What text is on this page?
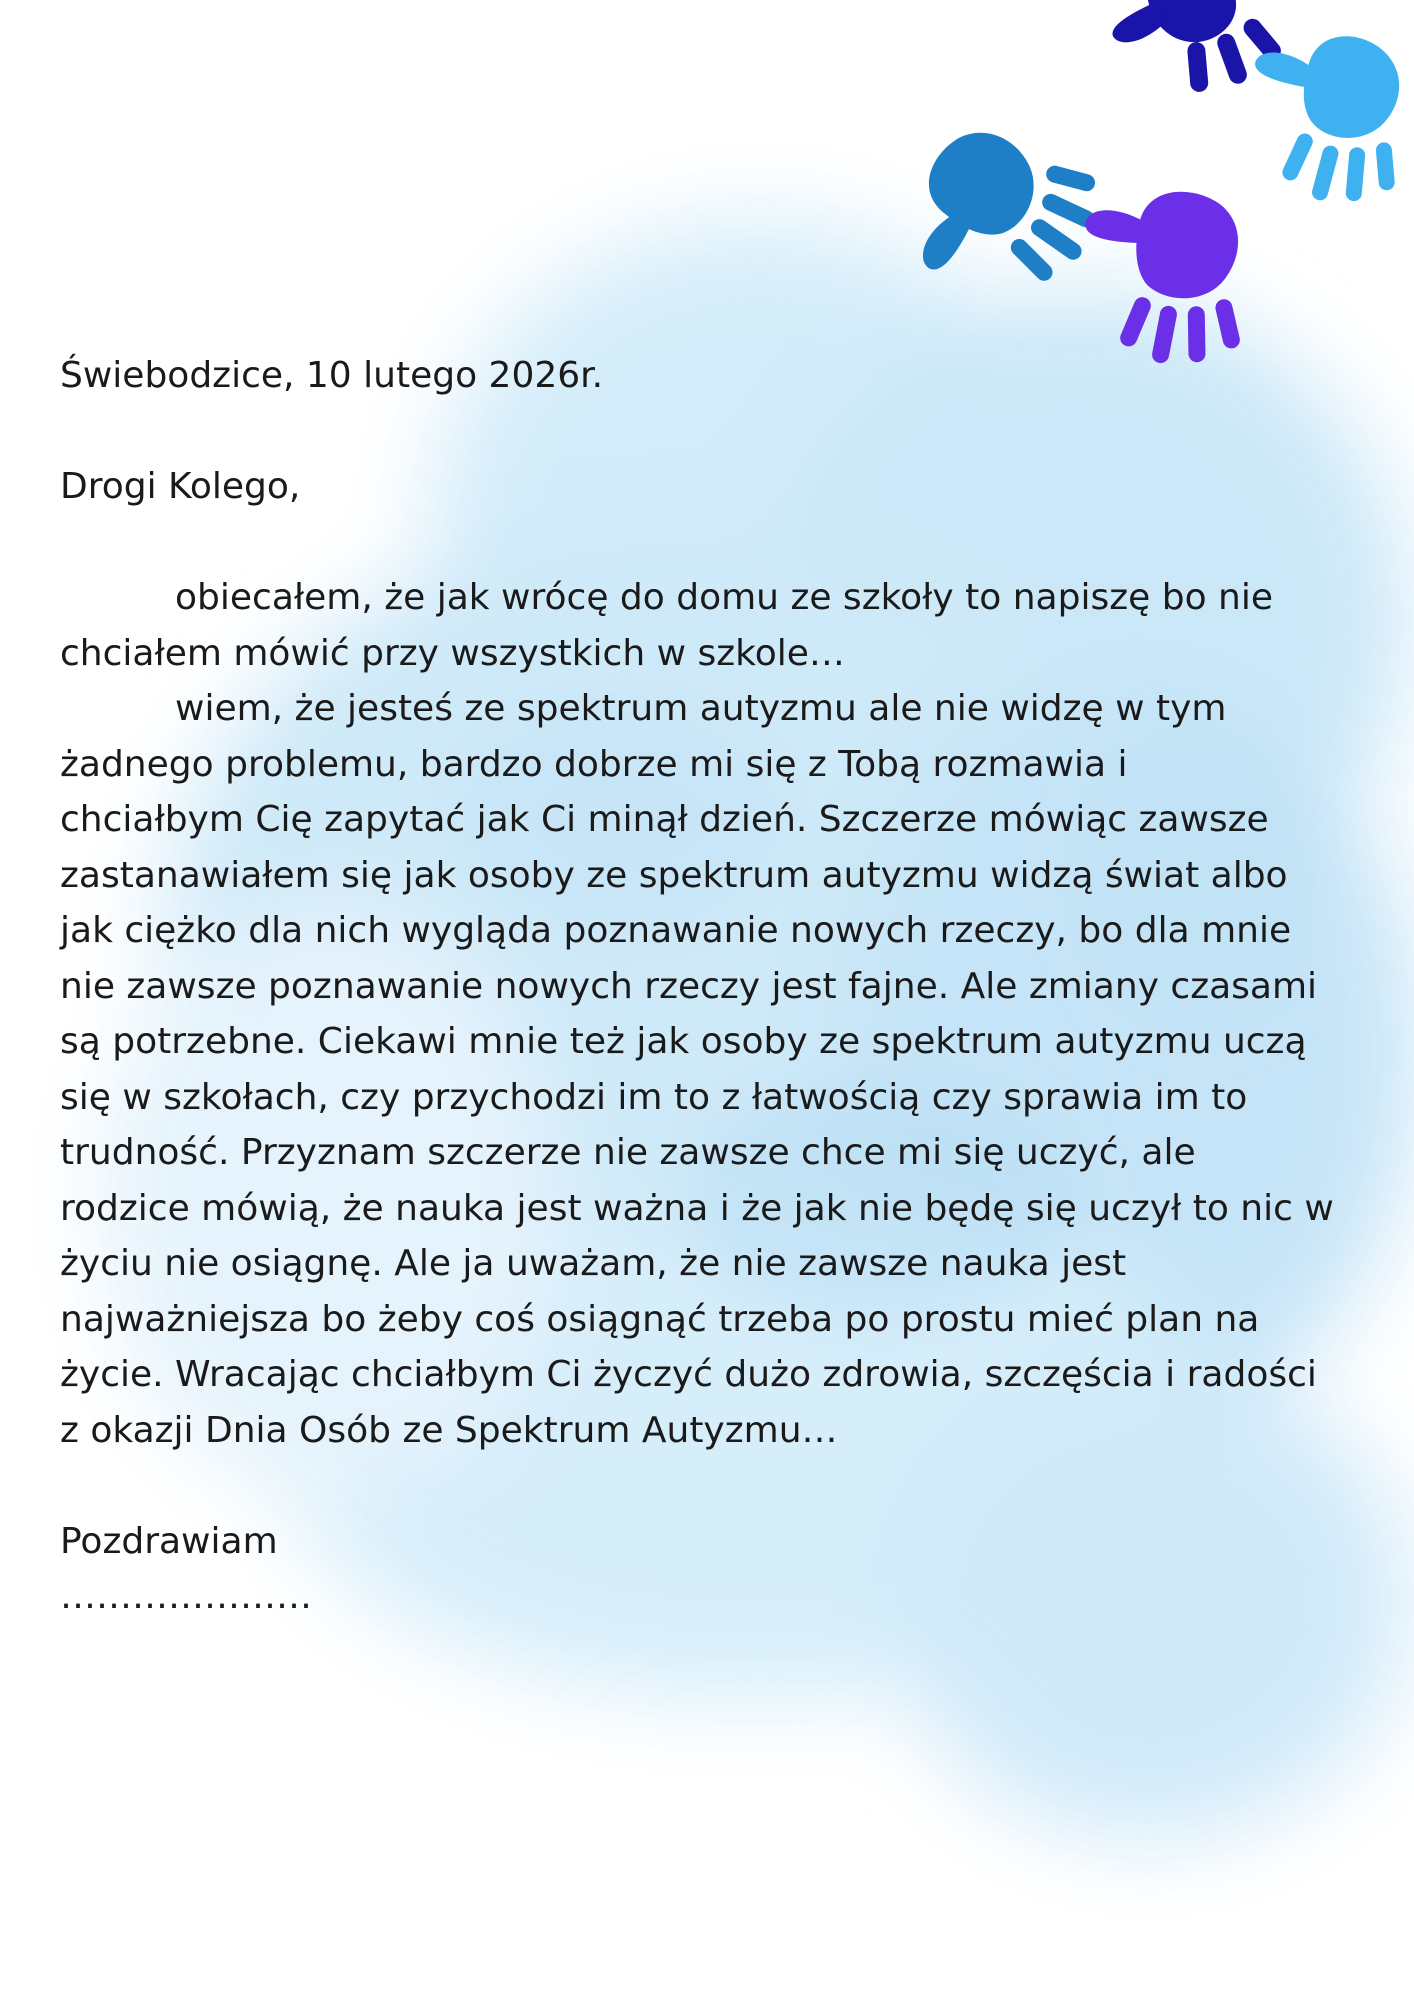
Świebodzice, 10 lutego 2026r.
Drogi Kolego,
obiecałem, że jak wrócę do domu ze szkoły to napiszę bo nie
chciałem mówić przy wszystkich w szkole…
wiem, że jesteś ze spektrum autyzmu ale nie widzę w tym
żadnego problemu, bardzo dobrze mi się z Tobą rozmawia i
chciałbym Cię zapytać jak Ci minął dzień. Szczerze mówiąc zawsze
zastanawiałem się jak osoby ze spektrum autyzmu widzą świat albo
jak ciężko dla nich wygląda poznawanie nowych rzeczy, bo dla mnie
nie zawsze poznawanie nowych rzeczy jest fajne. Ale zmiany czasami
są potrzebne. Ciekawi mnie też jak osoby ze spektrum autyzmu uczą
się w szkołach, czy przychodzi im to z łatwością czy sprawia im to
trudność. Przyznam szczerze nie zawsze chce mi się uczyć, ale
rodzice mówią, że nauka jest ważna i że jak nie będę się uczył to nic w
życiu nie osiągnę. Ale ja uważam, że nie zawsze nauka jest
najważniejsza bo żeby coś osiągnąć trzeba po prostu mieć plan na
życie. Wracając chciałbym Ci życzyć dużo zdrowia, szczęścia i radości
z okazji Dnia Osób ze Spektrum Autyzmu…
Pozdrawiam
…………………
